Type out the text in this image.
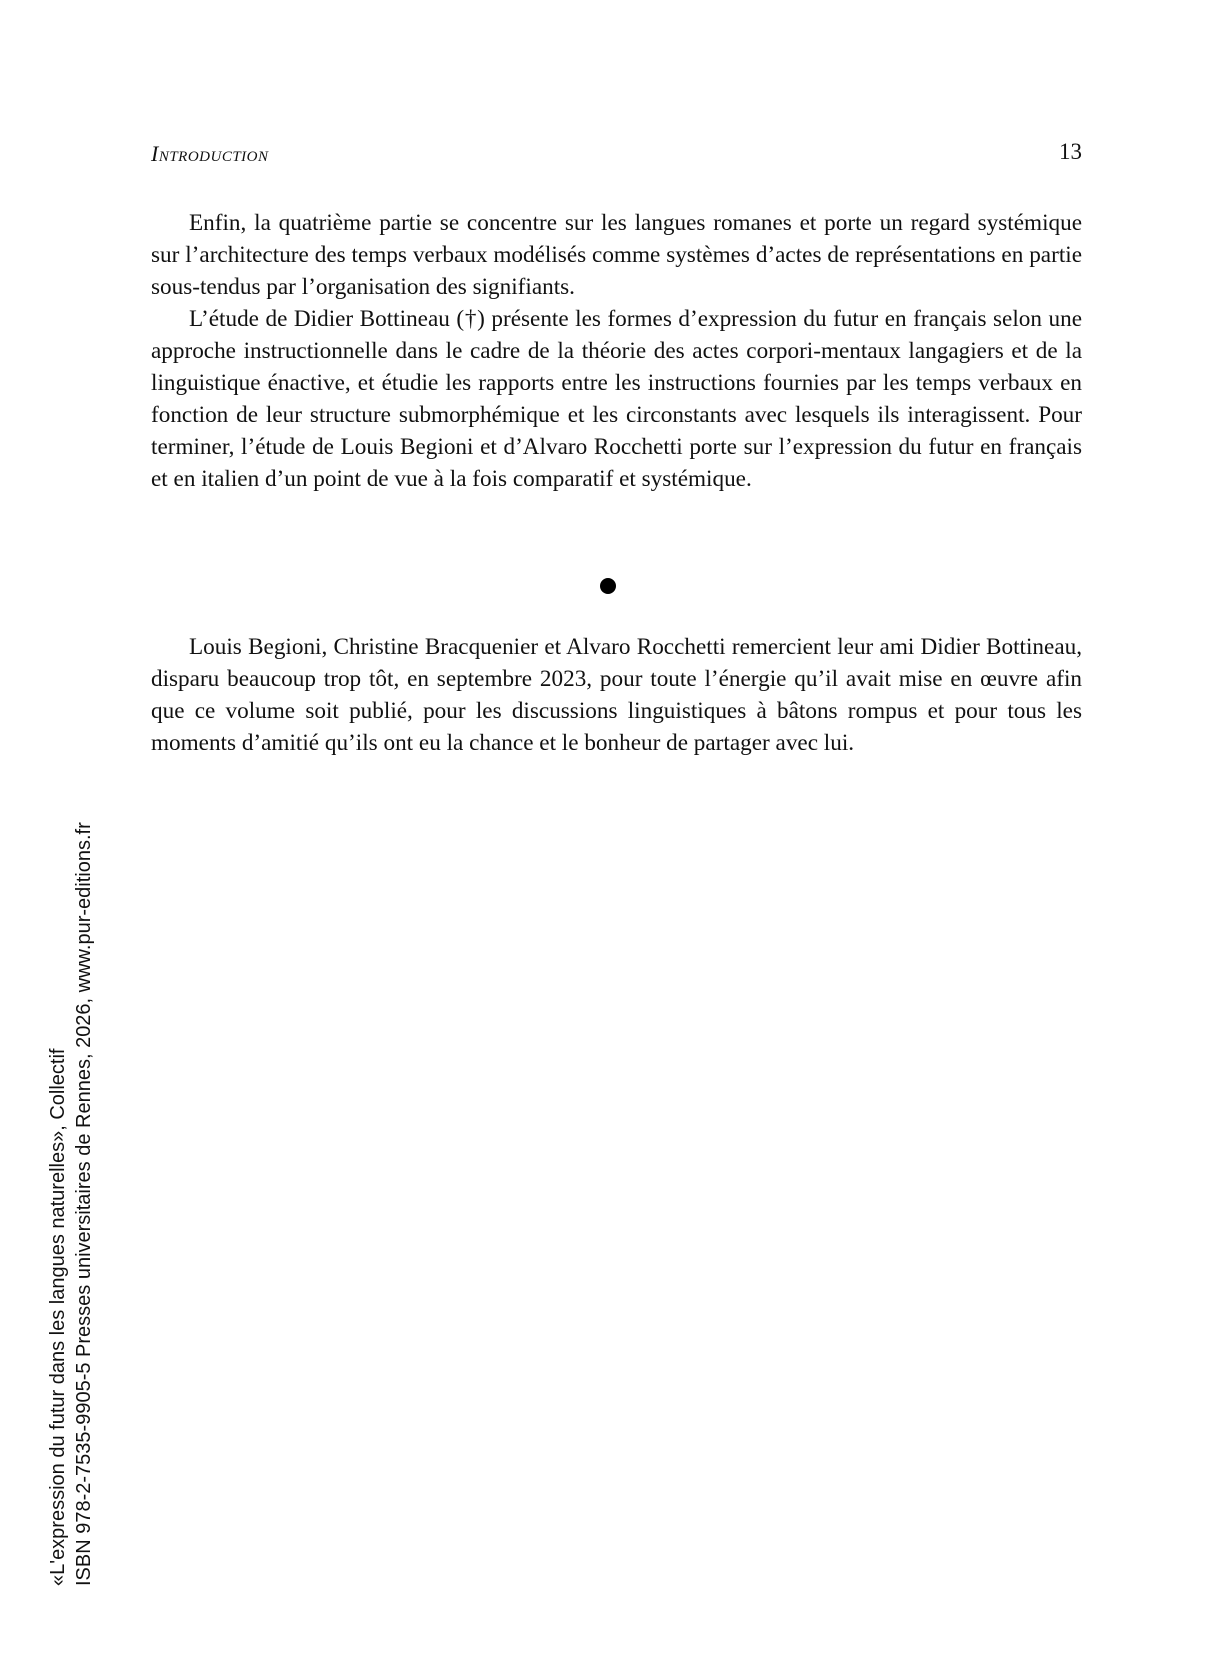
Introduction	13

Enfin, la quatrième partie se concentre sur les langues romanes et porte un regard systémique sur l’architecture des temps verbaux modélisés comme systèmes d’actes de représentations en partie sous-tendus par l’organisation des signifiants.

L’étude de Didier Bottineau (†) présente les formes d’expression du futur en français selon une approche instructionnelle dans le cadre de la théorie des actes corpori-mentaux langagiers et de la linguistique énactive, et étudie les rapports entre les instructions fournies par les temps verbaux en fonction de leur structure submorphémique et les circonstants avec lesquels ils interagissent. Pour terminer, l’étude de Louis Begioni et d’Alvaro Rocchetti porte sur l’expression du futur en français et en italien d’un point de vue à la fois comparatif et systémique.

Louis Begioni, Christine Bracquenier et Alvaro Rocchetti remercient leur ami Didier Bottineau, disparu beaucoup trop tôt, en septembre 2023, pour toute l’énergie qu’il avait mise en œuvre afin que ce volume soit publié, pour les discussions linguistiques à bâtons rompus et pour tous les moments d’amitié qu’ils ont eu la chance et le bonheur de partager avec lui.

«L'expression du futur dans les langues naturelles», Collectif ISBN 978-2-7535-9905-5 Presses universitaires de Rennes, 2026, www.pur-editions.fr
